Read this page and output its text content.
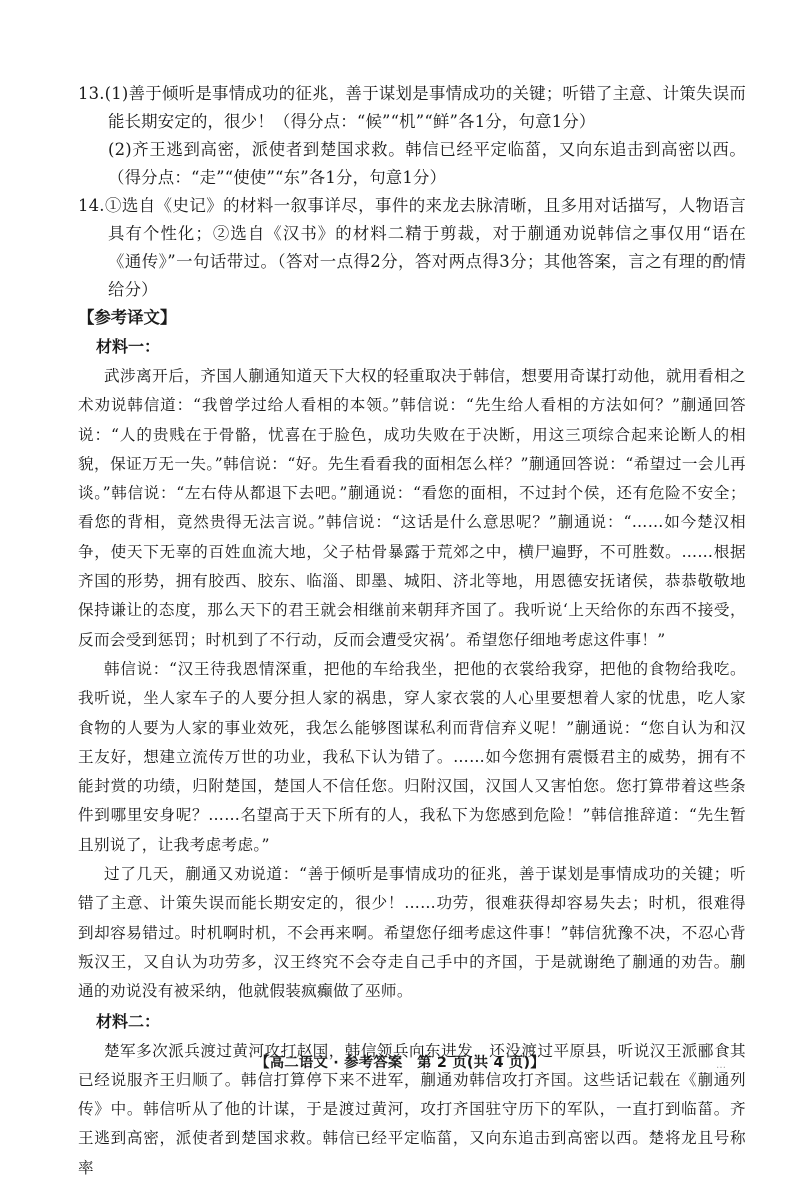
13.(1)善于倾听是事情成功的征兆，善于谋划是事情成功的关键；听错了主意、计策失误而能长期安定的，很少！（得分点：“候”“机”“鲜”各1分，句意1分）

(2)齐王逃到高密，派使者到楚国求救。韩信已经平定临菑，又向东追击到高密以西。（得分点：“走”“使使”“东”各1分，句意1分）

14.①选自《史记》的材料一叙事详尽，事件的来龙去脉清晰，且多用对话描写，人物语言具有个性化；②选自《汉书》的材料二精于剪裁，对于蒯通劝说韩信之事仅用“语在《通传》”一句话带过。（答对一点得2分，答对两点得3分；其他答案，言之有理的酌情给分）

【参考译文】

材料一：

武涉离开后，齐国人蒯通知道天下大权的轻重取决于韩信，想要用奇谋打动他，就用看相之术劝说韩信道：“我曾学过给人看相的本领。”韩信说：“先生给人看相的方法如何？”蒯通回答说：“人的贵贱在于骨骼，忧喜在于脸色，成功失败在于决断，用这三项综合起来论断人的相貌，保证万无一失。”韩信说：“好。先生看看我的面相怎么样？”蒯通回答说：“希望过一会儿再谈。”韩信说：“左右侍从都退下去吧。”蒯通说：“看您的面相，不过封个侯，还有危险不安全；看您的背相，竟然贵得无法言说。”韩信说：“这话是什么意思呢？”蒯通说：“……如今楚汉相争，使天下无辜的百姓血流大地，父子枯骨暴露于荒郊之中，横尸遍野，不可胜数。……根据齐国的形势，拥有胶西、胶东、临淄、即墨、城阳、济北等地，用恩德安抚诸侯，恭恭敬敬地保持谦让的态度，那么天下的君王就会相继前来朝拜齐国了。我听说‘上天给你的东西不接受，反而会受到惩罚；时机到了不行动，反而会遭受灾祸’。希望您仔细地考虑这件事！”

韩信说：“汉王待我恩情深重，把他的车给我坐，把他的衣裳给我穿，把他的食物给我吃。我听说，坐人家车子的人要分担人家的祸患，穿人家衣裳的人心里要想着人家的忧患，吃人家食物的人要为人家的事业效死，我怎么能够图谋私利而背信弃义呢！”蒯通说：“您自认为和汉王友好，想建立流传万世的功业，我私下认为错了。……如今您拥有震慑君主的威势，拥有不能封赏的功绩，归附楚国，楚国人不信任您。归附汉国，汉国人又害怕您。您打算带着这些条件到哪里安身呢？……名望高于天下所有的人，我私下为您感到危险！”韩信推辞道：“先生暂且别说了，让我考虑考虑。”

过了几天，蒯通又劝说道：“善于倾听是事情成功的征兆，善于谋划是事情成功的关键；听错了主意、计策失误而能长期安定的，很少！……功劳，很难获得却容易失去；时机，很难得到却容易错过。时机啊时机，不会再来啊。希望您仔细考虑这件事！”韩信犹豫不决，不忍心背叛汉王，又自认为功劳多，汉王终究不会夺走自己手中的齐国，于是就谢绝了蒯通的劝告。蒯通的劝说没有被采纳，他就假装疯癫做了巫师。

材料二：

楚军多次派兵渡过黄河攻打赵国，韩信领兵向东进发，还没渡过平原县，听说汉王派郦食其已经说服齐王归顺了。韩信打算停下来不进军，蒯通劝韩信攻打齐国。这些话记载在《蒯通列传》中。韩信听从了他的计谋，于是渡过黄河，攻打齐国驻守历下的军队，一直打到临菑。齐王逃到高密，派使者到楚国求救。韩信已经平定临菑，又向东追击到高密以西。楚将龙且号称率

【高二语文 · 参考答案　第 2 页(共 4 页)】	…
